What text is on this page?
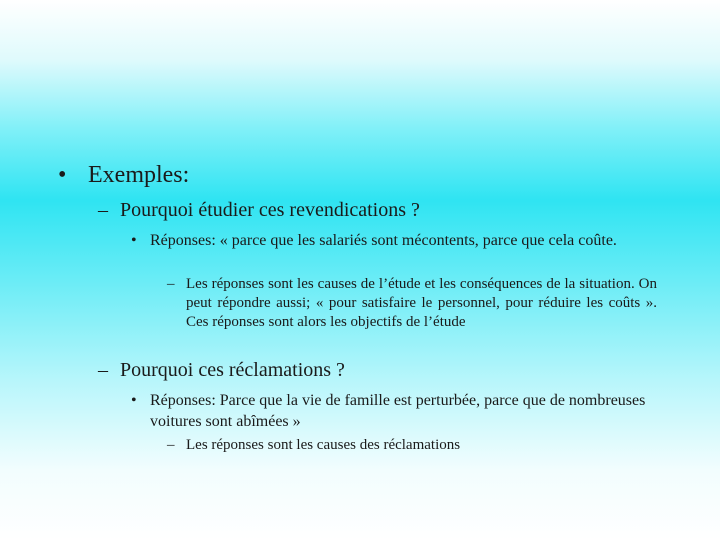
• Exemples:
– Pourquoi étudier ces revendications ?
• Réponses: « parce que les salariés sont mécontents, parce que cela coûte.
– Les réponses sont les causes de l’étude et les conséquences de la situation. On peut répondre aussi; « pour satisfaire le personnel, pour réduire les coûts ». Ces réponses sont alors les objectifs de l’étude
– Pourquoi ces réclamations ?
• Réponses: Parce que la vie de famille est perturbée, parce que de nombreuses voitures sont abîmées »
– Les réponses sont les causes des réclamations
